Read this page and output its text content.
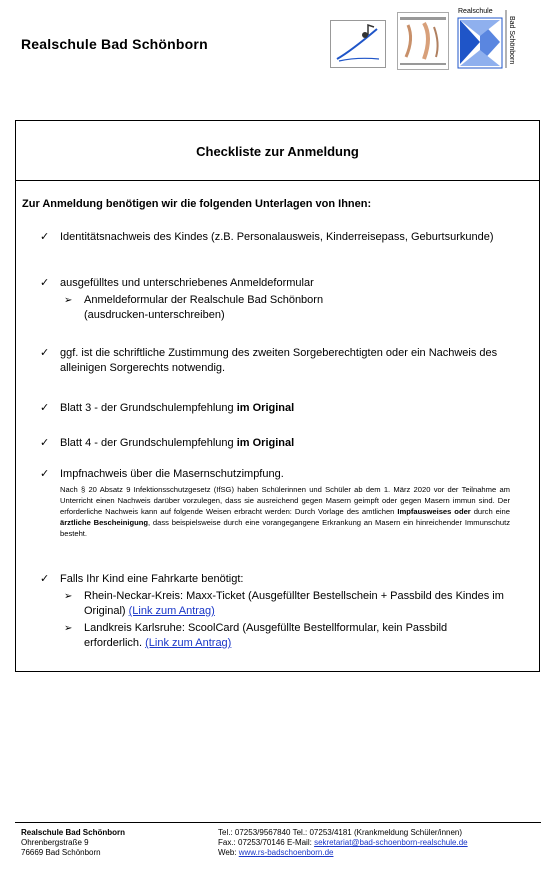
Realschule Bad Schönborn
Realschule
Bad Schönborn
Checkliste zur Anmeldung
Zur Anmeldung benötigen wir die folgenden Unterlagen von Ihnen:
✓ Identitätsnachweis des Kindes (z.B. Personalausweis, Kinderreisepass, Geburtsurkunde)
✓ ausgefülltes und unterschriebenes Anmeldeformular
➢ Anmeldeformular der Realschule Bad Schönborn (ausdrucken-unterschreiben)
✓ ggf. ist die schriftliche Zustimmung des zweiten Sorgeberechtigten oder ein Nachweis des alleinigen Sorgerechts notwendig.
✓ Blatt 3 - der Grundschulempfehlung im Original
✓ Blatt 4 - der Grundschulempfehlung im Original
✓ Impfnachweis über die Masernschutzimpfung.
Nach § 20 Absatz 9 Infektionsschutzgesetz (IfSG) haben Schülerinnen und Schüler ab dem 1. März 2020 vor der Teilnahme am Unterricht einen Nachweis darüber vorzulegen, dass sie ausreichend gegen Masern geimpft oder gegen Masern immun sind. Der erforderliche Nachweis kann auf folgende Weisen erbracht werden: Durch Vorlage des amtlichen Impfausweises oder durch eine ärztliche Bescheinigung, dass beispielsweise durch eine vorangegangene Erkrankung an Masern ein hinreichender Immunschutz besteht.
✓ Falls Ihr Kind eine Fahrkarte benötigt:
➢ Rhein-Neckar-Kreis: Maxx-Ticket (Ausgefüllter Bestellschein + Passbild des Kindes im Original) (Link zum Antrag)
➢ Landkreis Karlsruhe: ScoolCard (Ausgefüllte Bestellformular, kein Passbild erforderlich. (Link zum Antrag)
Realschule Bad Schönborn
Ohrenbergstraße 9
76669 Bad Schönborn
Tel.: 07253/9567840 Tel.: 07253/4181 (Krankmeldung Schüler/innen)
Fax.: 07253/70146 E-Mail: sekretariat@bad-schoenborn-realschule.de
Web: www.rs-badschoenborn.de
